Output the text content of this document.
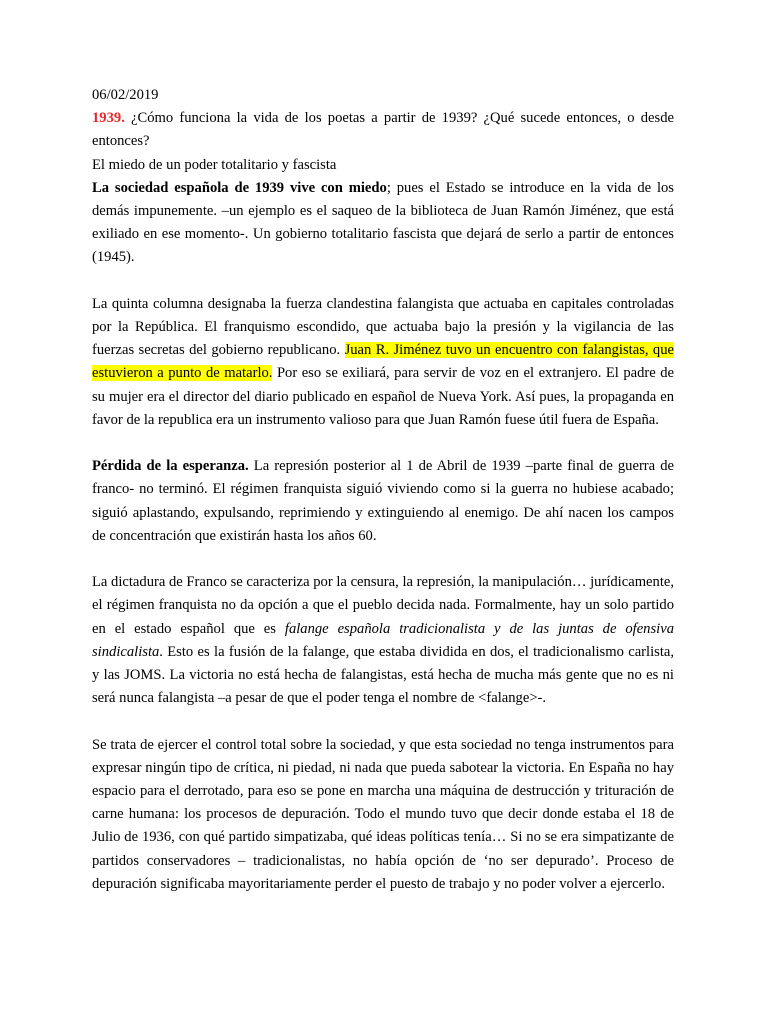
06/02/2019

1939. ¿Cómo funciona la vida de los poetas a partir de 1939? ¿Qué sucede entonces, o desde entonces?

El miedo de un poder totalitario y fascista

La sociedad española de 1939 vive con miedo; pues el Estado se introduce en la vida de los demás impunemente. –un ejemplo es el saqueo de la biblioteca de Juan Ramón Jiménez, que está exiliado en ese momento-. Un gobierno totalitario fascista que dejará de serlo a partir de entonces (1945).

La quinta columna designaba la fuerza clandestina falangista que actuaba en capitales controladas por la República. El franquismo escondido, que actuaba bajo la presión y la vigilancia de las fuerzas secretas del gobierno republicano. Juan R. Jiménez tuvo un encuentro con falangistas, que estuvieron a punto de matarlo. Por eso se exiliará, para servir de voz en el extranjero. El padre de su mujer era el director del diario publicado en español de Nueva York. Así pues, la propaganda en favor de la republica era un instrumento valioso para que Juan Ramón fuese útil fuera de España.

Pérdida de la esperanza. La represión posterior al 1 de Abril de 1939 –parte final de guerra de franco- no terminó. El régimen franquista siguió viviendo como si la guerra no hubiese acabado; siguió aplastando, expulsando, reprimiendo y extinguiendo al enemigo. De ahí nacen los campos de concentración que existirán hasta los años 60.

La dictadura de Franco se caracteriza por la censura, la represión, la manipulación… jurídicamente, el régimen franquista no da opción a que el pueblo decida nada. Formalmente, hay un solo partido en el estado español que es falange española tradicionalista y de las juntas de ofensiva sindicalista. Esto es la fusión de la falange, que estaba dividida en dos, el tradicionalismo carlista, y las JOMS. La victoria no está hecha de falangistas, está hecha de mucha más gente que no es ni será nunca falangista –a pesar de que el poder tenga el nombre de <falange>-.

Se trata de ejercer el control total sobre la sociedad, y que esta sociedad no tenga instrumentos para expresar ningún tipo de crítica, ni piedad, ni nada que pueda sabotear la victoria. En España no hay espacio para el derrotado, para eso se pone en marcha una máquina de destrucción y trituración de carne humana: los procesos de depuración. Todo el mundo tuvo que decir donde estaba el 18 de Julio de 1936, con qué partido simpatizaba, qué ideas políticas tenía… Si no se era simpatizante de partidos conservadores – tradicionalistas, no había opción de ‘no ser depurado’. Proceso de depuración significaba mayoritariamente perder el puesto de trabajo y no poder volver a ejercerlo.
